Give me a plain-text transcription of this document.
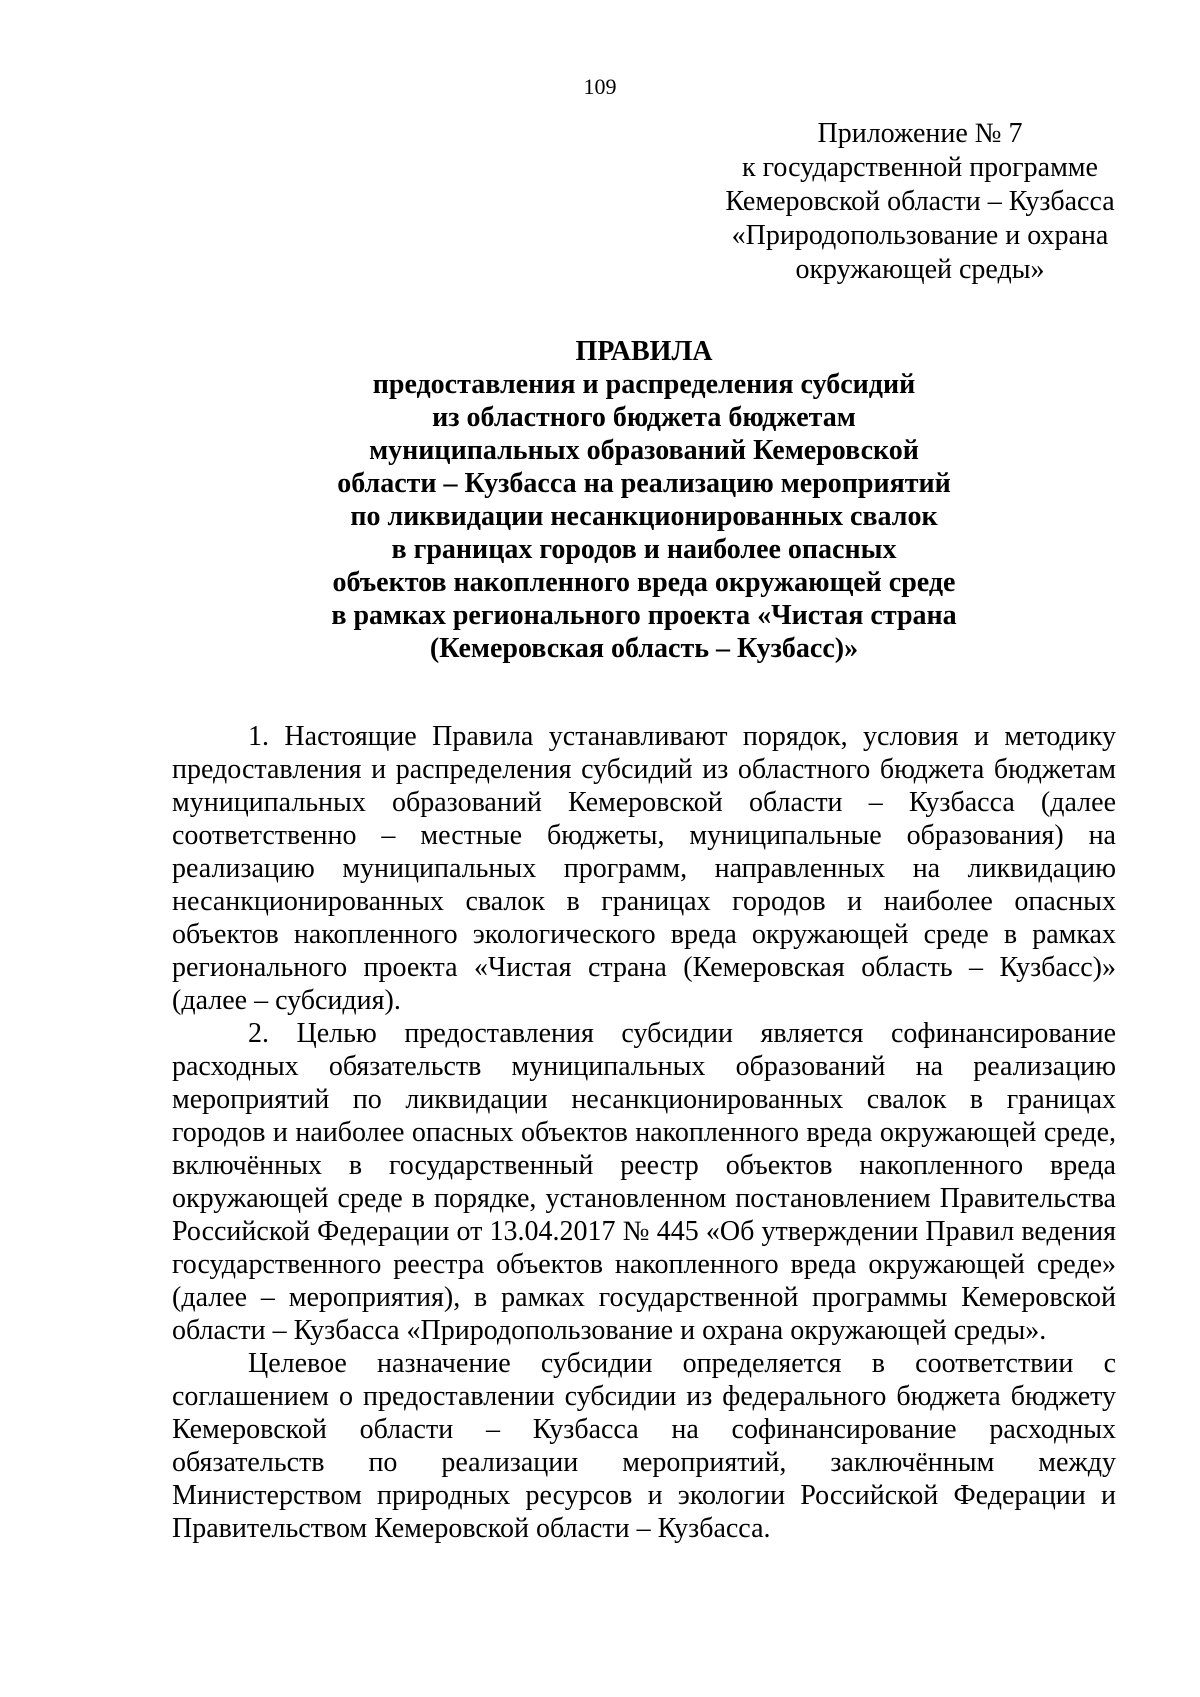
109
Приложение № 7
к государственной программе
Кемеровской области – Кузбасса
«Природопользование и охрана
окружающей среды»
ПРАВИЛА
предоставления и распределения субсидий
из областного бюджета бюджетам
муниципальных образований Кемеровской
области – Кузбасса на реализацию мероприятий
по ликвидации несанкционированных свалок
в границах городов и наиболее опасных
объектов накопленного вреда окружающей среде
в рамках регионального проекта «Чистая страна
(Кемеровская область – Кузбасс)»

1. Настоящие Правила устанавливают порядок, условия и методику предоставления и распределения субсидий из областного бюджета бюджетам муниципальных образований Кемеровской области – Кузбасса (далее соответственно – местные бюджеты, муниципальные образования) на реализацию муниципальных программ, направленных на ликвидацию несанкционированных свалок в границах городов и наиболее опасных объектов накопленного экологического вреда окружающей среде в рамках регионального проекта «Чистая страна (Кемеровская область – Кузбасс)» (далее – субсидия).

2. Целью предоставления субсидии является софинансирование расходных обязательств муниципальных образований на реализацию мероприятий по ликвидации несанкционированных свалок в границах городов и наиболее опасных объектов накопленного вреда окружающей среде, включённых в государственный реестр объектов накопленного вреда окружающей среде в порядке, установленном постановлением Правительства Российской Федерации от 13.04.2017 № 445 «Об утверждении Правил ведения государственного реестра объектов накопленного вреда окружающей среде» (далее – мероприятия), в рамках государственной программы Кемеровской области – Кузбасса «Природопользование и охрана окружающей среды».

Целевое назначение субсидии определяется в соответствии с соглашением о предоставлении субсидии из федерального бюджета бюджету Кемеровской области – Кузбасса на софинансирование расходных обязательств по реализации мероприятий, заключённым между Министерством природных ресурсов и экологии Российской Федерации и Правительством Кемеровской области – Кузбасса.
